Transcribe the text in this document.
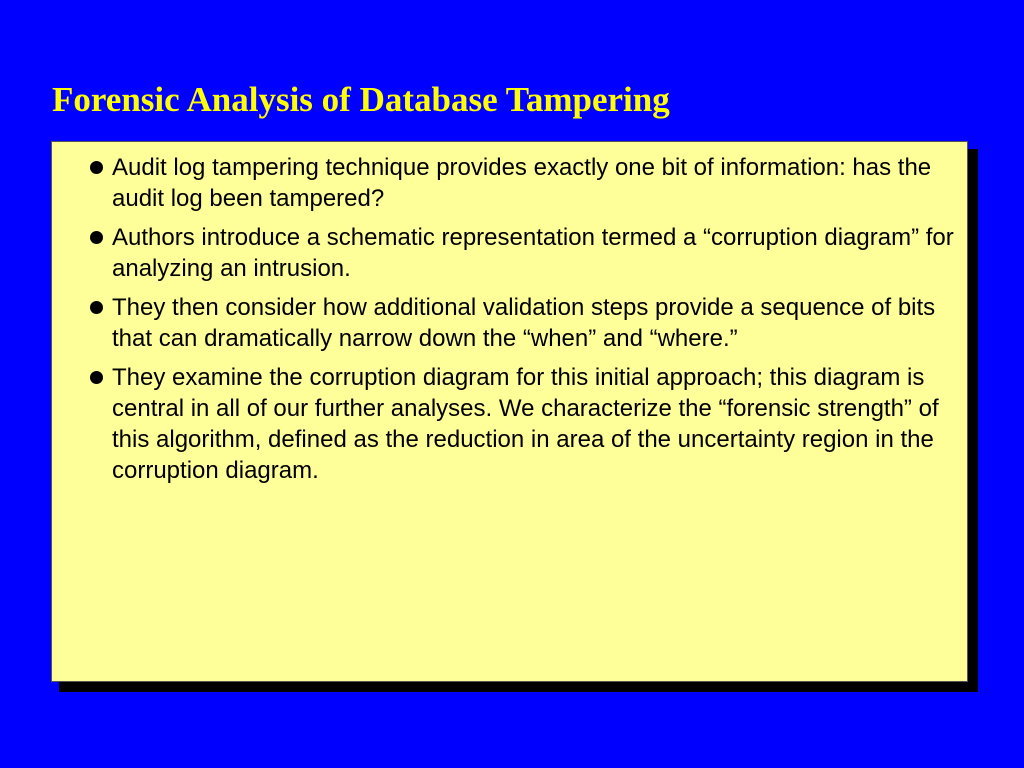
Forensic Analysis of Database Tampering
Audit log tampering technique provides exactly one bit of information: has the audit log been tampered?
Authors introduce a schematic representation termed a “corruption diagram” for analyzing an intrusion.
They then consider how additional validation steps provide a sequence of bits that can dramatically narrow down the “when” and “where.”
They examine the corruption diagram for this initial approach; this diagram is central in all of our further analyses. We characterize the “forensic strength” of this algorithm, defined as the reduction in area of the uncertainty region in the corruption diagram.
